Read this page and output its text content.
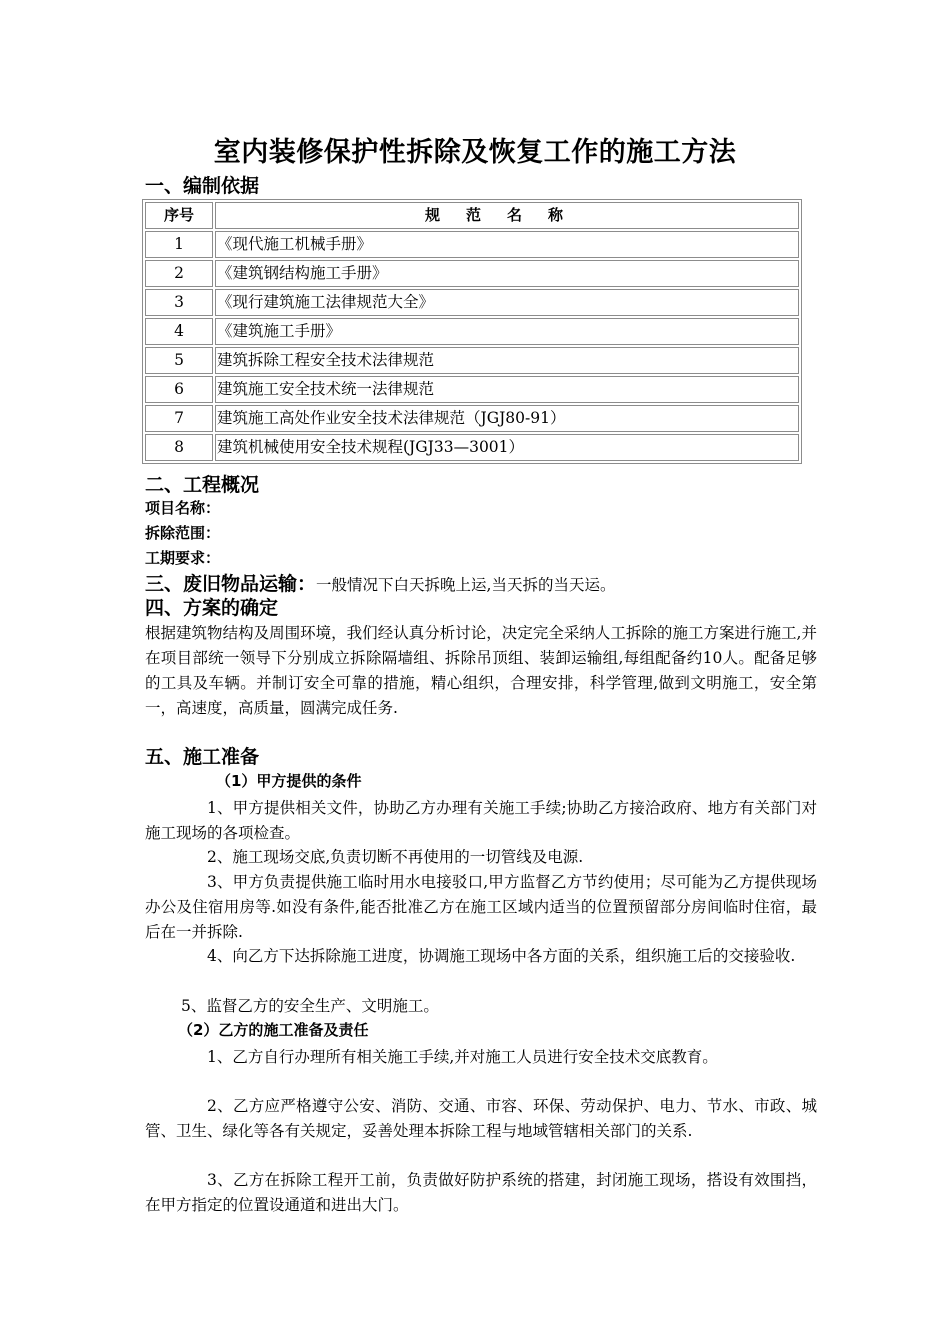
室内装修保护性拆除及恢复工作的施工方法
一、编制依据
序号	规范名称
1	《现代施工机械手册》
2	《建筑钢结构施工手册》
3	《现行建筑施工法律规范大全》
4	《建筑施工手册》
5	建筑拆除工程安全技术法律规范
6	建筑施工安全技术统一法律规范
7	建筑施工高处作业安全技术法律规范（JGJ80-91）
8	建筑机械使用安全技术规程(JGJ33—3001）
二、工程概况
项目名称：
拆除范围：
工期要求：
三、废旧物品运输：一般情况下白天拆晚上运,当天拆的当天运。
四、方案的确定
根据建筑物结构及周围环境，我们经认真分析讨论，决定完全采纳人工拆除的施工方案进行施工,并在项目部统一领导下分别成立拆除隔墙组、拆除吊顶组、装卸运输组,每组配备约10人。配备足够的工具及车辆。并制订安全可靠的措施，精心组织，合理安排，科学管理,做到文明施工，安全第一，高速度，高质量，圆满完成任务.
五、施工准备
（1）甲方提供的条件
1、甲方提供相关文件，协助乙方办理有关施工手续;协助乙方接洽政府、地方有关部门对施工现场的各项检查。
2、施工现场交底,负责切断不再使用的一切管线及电源.
3、甲方负责提供施工临时用水电接驳口,甲方监督乙方节约使用；尽可能为乙方提供现场办公及住宿用房等.如没有条件,能否批准乙方在施工区域内适当的位置预留部分房间临时住宿，最后在一并拆除.
4、向乙方下达拆除施工进度，协调施工现场中各方面的关系，组织施工后的交接验收.
5、监督乙方的安全生产、文明施工。
（2）乙方的施工准备及责任
1、乙方自行办理所有相关施工手续,并对施工人员进行安全技术交底教育。
2、乙方应严格遵守公安、消防、交通、市容、环保、劳动保护、电力、节水、市政、城管、卫生、绿化等各有关规定，妥善处理本拆除工程与地域管辖相关部门的关系.
3、乙方在拆除工程开工前，负责做好防护系统的搭建，封闭施工现场，搭设有效围挡，在甲方指定的位置设通道和进出大门。
